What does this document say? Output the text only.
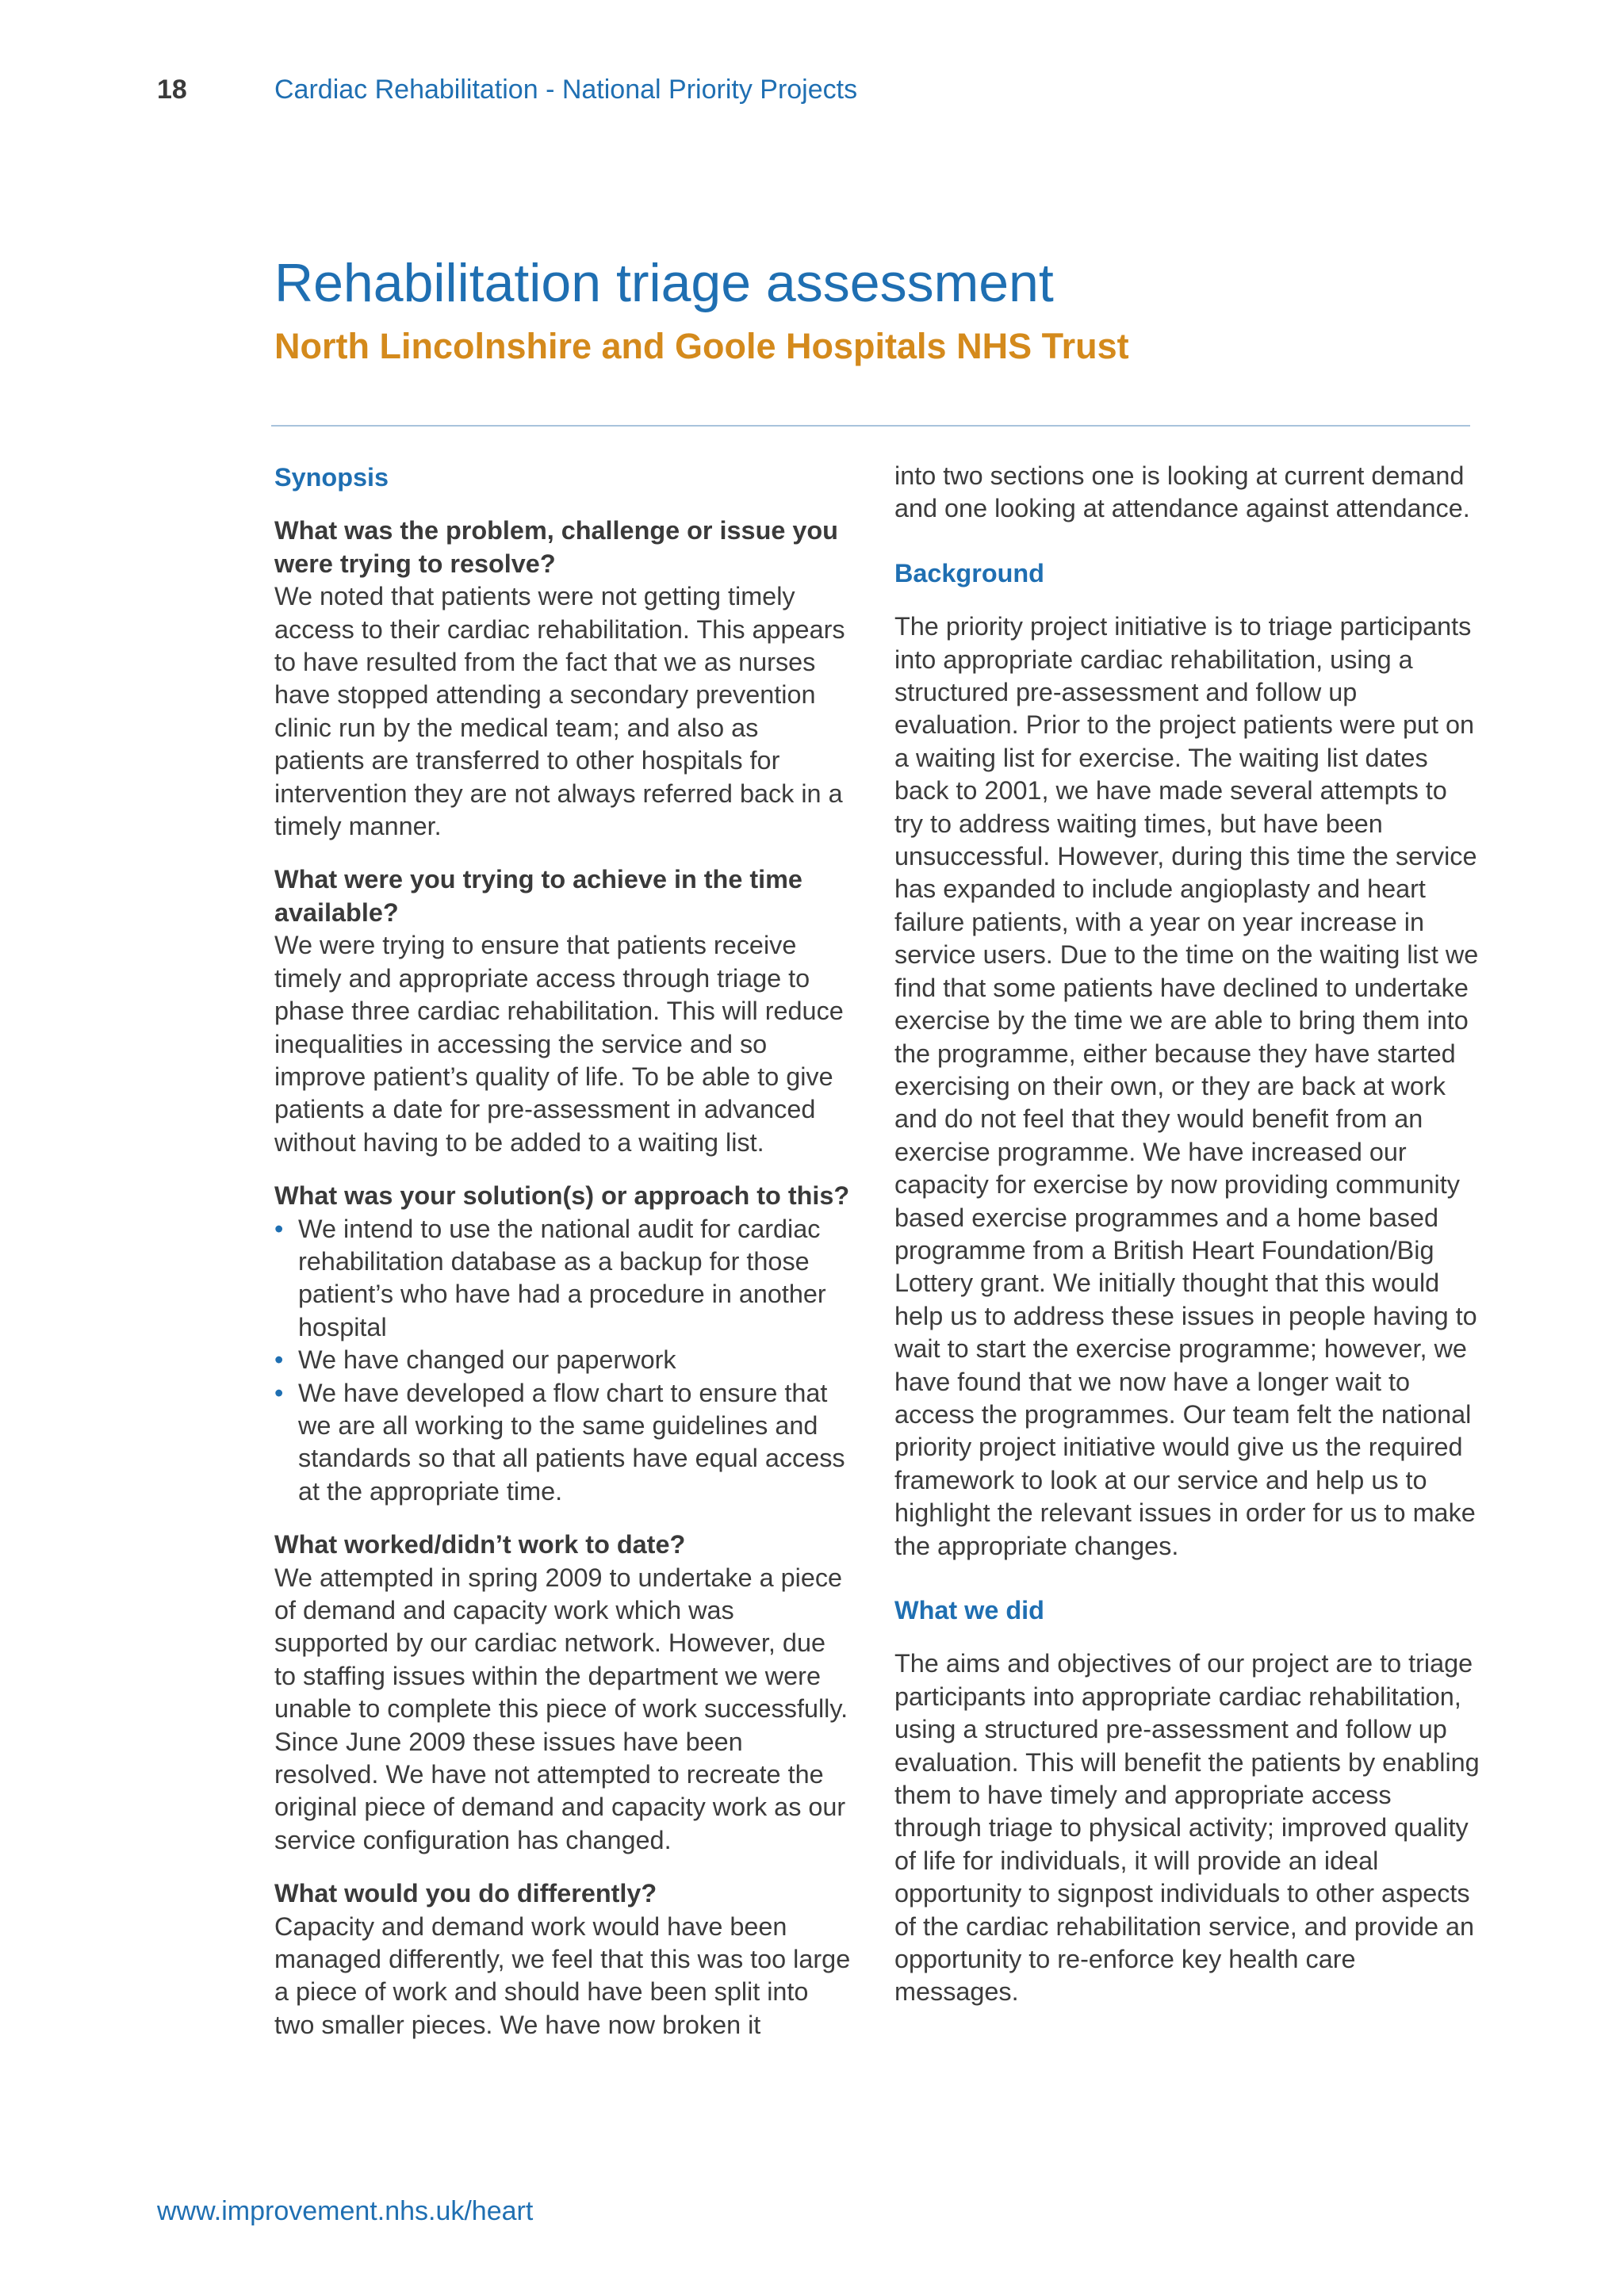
18	Cardiac Rehabilitation - National Priority Projects
Rehabilitation triage assessment
North Lincolnshire and Goole Hospitals NHS Trust

Synopsis

What was the problem, challenge or issue you were trying to resolve?

We noted that patients were not getting timely access to their cardiac rehabilitation. This appears to have resulted from the fact that we as nurses have stopped attending a secondary prevention clinic run by the medical team; and also as patients are transferred to other hospitals for intervention they are not always referred back in a timely manner.

What were you trying to achieve in the time available?

We were trying to ensure that patients receive timely and appropriate access through triage to phase three cardiac rehabilitation. This will reduce inequalities in accessing the service and so improve patient’s quality of life. To be able to give patients a date for pre-assessment in advanced without having to be added to a waiting list.

What was your solution(s) or approach to this?

• We intend to use the national audit for cardiac rehabilitation database as a backup for those patient’s who have had a procedure in another hospital
• We have changed our paperwork
• We have developed a flow chart to ensure that we are all working to the same guidelines and standards so that all patients have equal access at the appropriate time.

What worked/didn’t work to date?

We attempted in spring 2009 to undertake a piece of demand and capacity work which was supported by our cardiac network. However, due to staffing issues within the department we were unable to complete this piece of work successfully. Since June 2009 these issues have been resolved. We have not attempted to recreate the original piece of demand and capacity work as our service configuration has changed.

What would you do differently?

Capacity and demand work would have been managed differently, we feel that this was too large a piece of work and should have been split into two smaller pieces. We have now broken it

into two sections one is looking at current demand and one looking at attendance against attendance.

Background

The priority project initiative is to triage participants into appropriate cardiac rehabilitation, using a structured pre-assessment and follow up evaluation. Prior to the project patients were put on a waiting list for exercise. The waiting list dates back to 2001, we have made several attempts to try to address waiting times, but have been unsuccessful. However, during this time the service has expanded to include angioplasty and heart failure patients, with a year on year increase in service users. Due to the time on the waiting list we find that some patients have declined to undertake exercise by the time we are able to bring them into the programme, either because they have started exercising on their own, or they are back at work and do not feel that they would benefit from an exercise programme. We have increased our capacity for exercise by now providing community based exercise programmes and a home based programme from a British Heart Foundation/Big Lottery grant. We initially thought that this would help us to address these issues in people having to wait to start the exercise programme; however, we have found that we now have a longer wait to access the programmes. Our team felt the national priority project initiative would give us the required framework to look at our service and help us to highlight the relevant issues in order for us to make the appropriate changes.

What we did

The aims and objectives of our project are to triage participants into appropriate cardiac rehabilitation, using a structured pre-assessment and follow up evaluation. This will benefit the patients by enabling them to have timely and appropriate access through triage to physical activity; improved quality of life for individuals, it will provide an ideal opportunity to signpost individuals to other aspects of the cardiac rehabilitation service, and provide an opportunity to re-enforce key health care messages.

www.improvement.nhs.uk/heart
